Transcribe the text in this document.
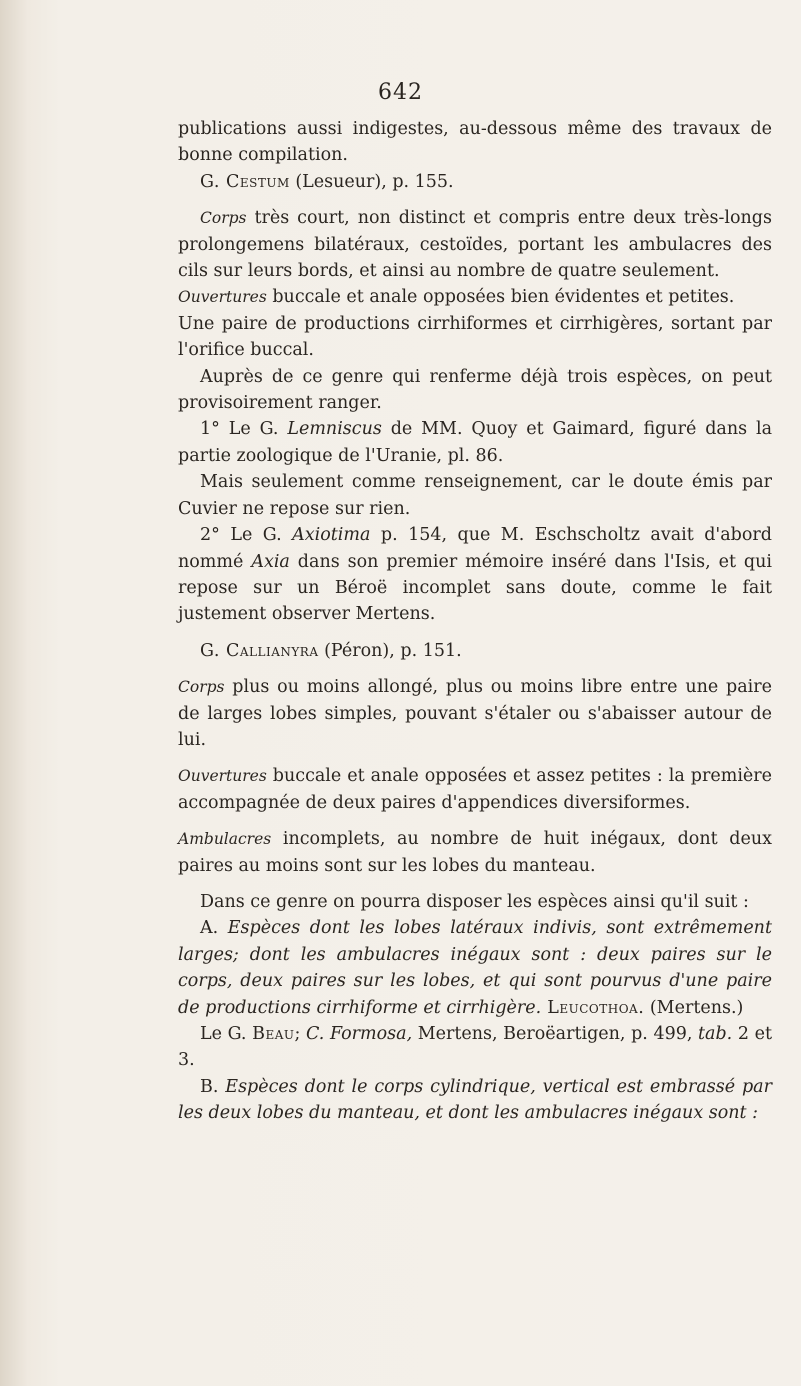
642

publications aussi indigestes, au-dessous même des travaux de bonne compilation.

G. Cestum (Lesueur), p. 155.

Corps très court, non distinct et compris entre deux très-longs prolongemens bilatéraux, cestoïdes, portant les ambulacres des cils sur leurs bords, et ainsi au nombre de quatre seulement.

Ouvertures buccale et anale opposées bien évidentes et petites.

Une paire de productions cirrhiformes et cirrhigères, sortant par l'orifice buccal.

Auprès de ce genre qui renferme déjà trois espèces, on peut provisoirement ranger.

1° Le G. Lemniscus de MM. Quoy et Gaimard, figuré dans la partie zoologique de l'Uranie, pl. 86.

Mais seulement comme renseignement, car le doute émis par Cuvier ne repose sur rien.

2° Le G. Axiotima p. 154, que M. Eschscholtz avait d'abord nommé Axia dans son premier mémoire inséré dans l'Isis, et qui repose sur un Béroë incomplet sans doute, comme le fait justement observer Mertens.

G. Callianyra (Péron), p. 151.

Corps plus ou moins allongé, plus ou moins libre entre une paire de larges lobes simples, pouvant s'étaler ou s'abaisser autour de lui.

Ouvertures buccale et anale opposées et assez petites : la première accompagnée de deux paires d'appendices diversiformes.

Ambulacres incomplets, au nombre de huit inégaux, dont deux paires au moins sont sur les lobes du manteau.

Dans ce genre on pourra disposer les espèces ainsi qu'il suit :

A. Espèces dont les lobes latéraux indivis, sont extrêmement larges; dont les ambulacres inégaux sont : deux paires sur le corps, deux paires sur les lobes, et qui sont pourvus d'une paire de productions cirrhiforme et cirrhigère. Leucothoa. (Mertens.)

Le G. Beau; C. Formosa, Mertens, Beroëartigen, p. 499, tab. 2 et 3.

B. Espèces dont le corps cylindrique, vertical est embrassé par les deux lobes du manteau, et dont les ambulacres inégaux sont :
